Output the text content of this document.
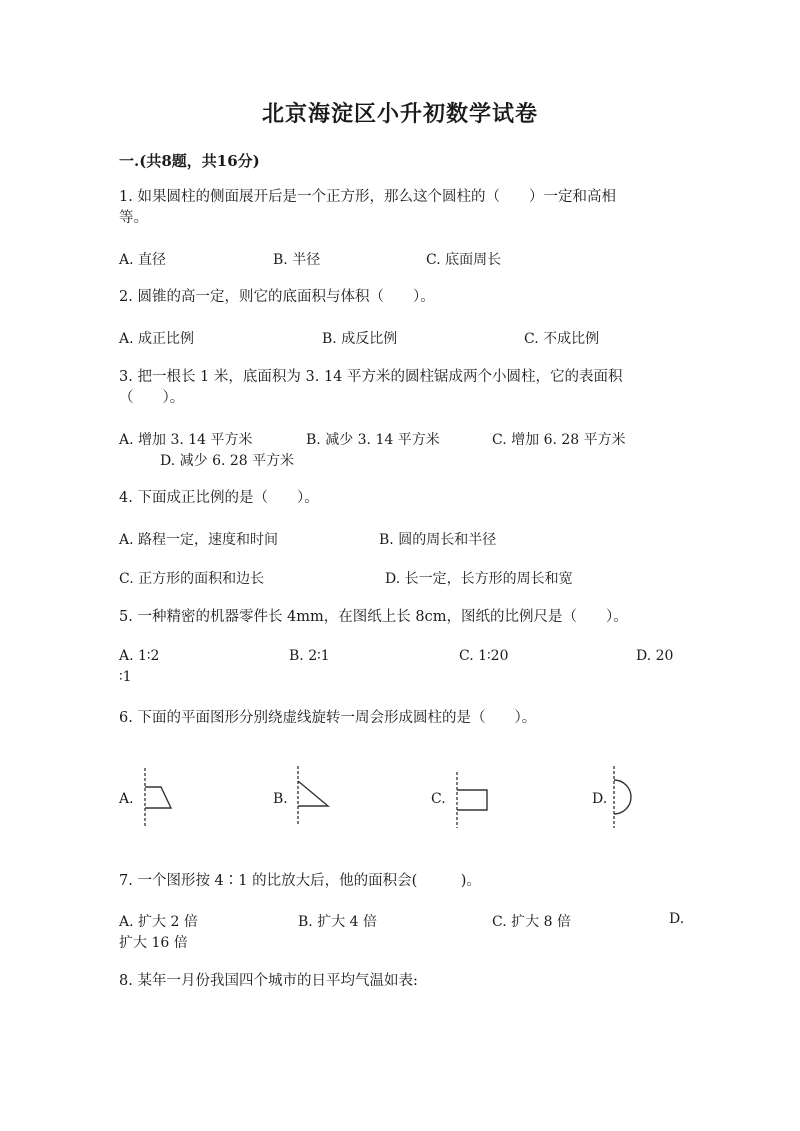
北京海淀区小升初数学试卷
一.(共8题，共16分)
1. 如果圆柱的侧面展开后是一个正方形，那么这个圆柱的（　　）一定和高相
等。
A. 直径	B. 半径	C. 底面周长
2. 圆锥的高一定，则它的底面积与体积（　　）。
A. 成正比例	B. 成反比例	C. 不成比例
3. 把一根长 1 米，底面积为 3. 14 平方米的圆柱锯成两个小圆柱，它的表面积
（　　）。
A. 增加 3. 14 平方米	B. 减少 3. 14 平方米	C. 增加 6. 28 平方米
D. 减少 6. 28 平方米
4. 下面成正比例的是（　　）。
A. 路程一定，速度和时间	B. 圆的周长和半径
C. 正方形的面积和边长	D. 长一定，长方形的周长和宽
5. 一种精密的机器零件长 4mm，在图纸上长 8cm，图纸的比例尺是（　　）。
A. 1∶2	B. 2∶1	C. 1∶20	D. 20
∶1
6. 下面的平面图形分别绕虚线旋转一周会形成圆柱的是（　　）。
A.	B.	C.	D.
7. 一个图形按 4∶1 的比放大后，他的面积会(　　　)。
A. 扩大 2 倍	B. 扩大 4 倍	C. 扩大 8 倍	D.
扩大 16 倍
8. 某年一月份我国四个城市的日平均气温如表:
